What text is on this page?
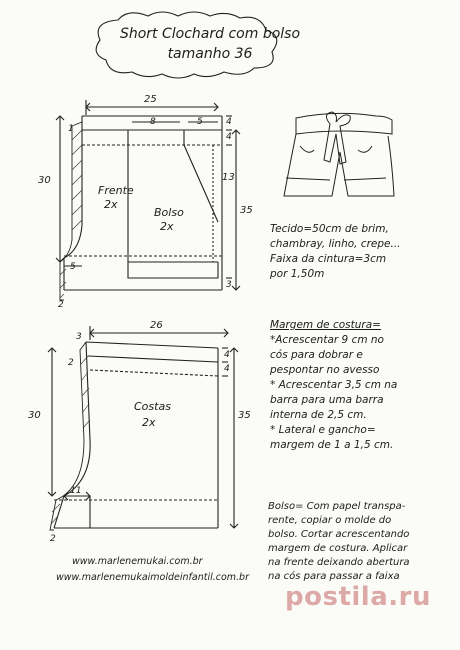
Short Clochard com bolso
tamanho 36
25
8	5	4
4
13
30
35
3
5
1
2
Frente
2x
Bolso
2x
26
3
2
4
4
30	35
11
2
Costas
2x
Tecido=50cm de brim,
chambray, linho, crepe...
Faixa da cintura=3cm
por 1,50m
Margem de costura=
*Acrescentar 9 cm no
cós para dobrar e
pespontar no avesso
* Acrescentar 3,5 cm na
barra para uma barra
interna de 2,5 cm.
* Lateral e gancho=
margem de 1 a 1,5 cm.
Bolso= Com papel transpa-
rente, copiar o molde do
bolso. Cortar acrescentando
margem de costura. Aplicar
na frente deixando abertura
na cós para passar a faixa
www.marlenemukai.com.br
www.marlenemukaimoldeinfantil.com.br
postila.ru
